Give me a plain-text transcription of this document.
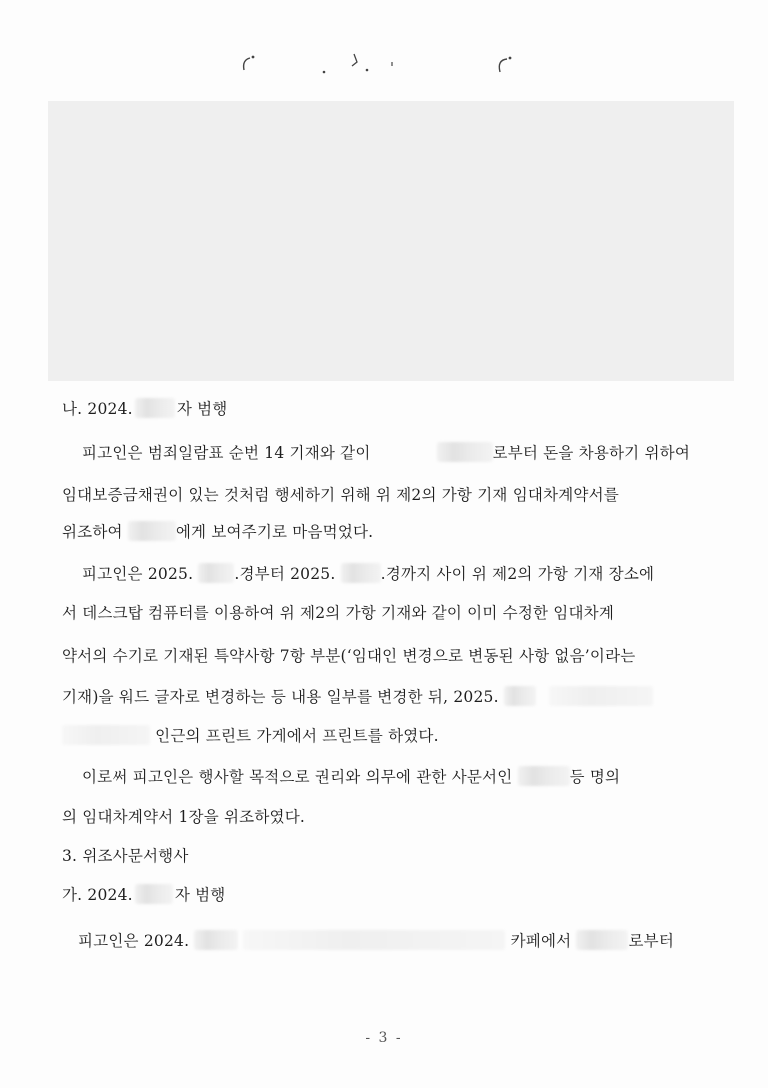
나. 2024.	자 범행
피고인은 범죄일람표 순번 14 기재와 같이	로부터 돈을 차용하기 위하여
임대보증금채권이 있는 것처럼 행세하기 위해 위 제2의 가항 기재 임대차계약서를
위조하여	에게 보여주기로 마음먹었다.
피고인은 2025.	.경부터 2025.	.경까지 사이 위 제2의 가항 기재 장소에
서 데스크탑 컴퓨터를 이용하여 위 제2의 가항 기재와 같이 이미 수정한 임대차계
약서의 수기로 기재된 특약사항 7항 부분(‘임대인 변경으로 변동된 사항 없음’이라는
기재)을 워드 글자로 변경하는 등 내용 일부를 변경한 뒤, 2025.
인근의 프린트 가게에서 프린트를 하였다.
이로써 피고인은 행사할 목적으로 권리와 의무에 관한 사문서인	등 명의
의 임대차계약서 1장을 위조하였다.
3. 위조사문서행사
가. 2024.	자 범행
피고인은 2024.	카페에서	로부터
- 3 -
